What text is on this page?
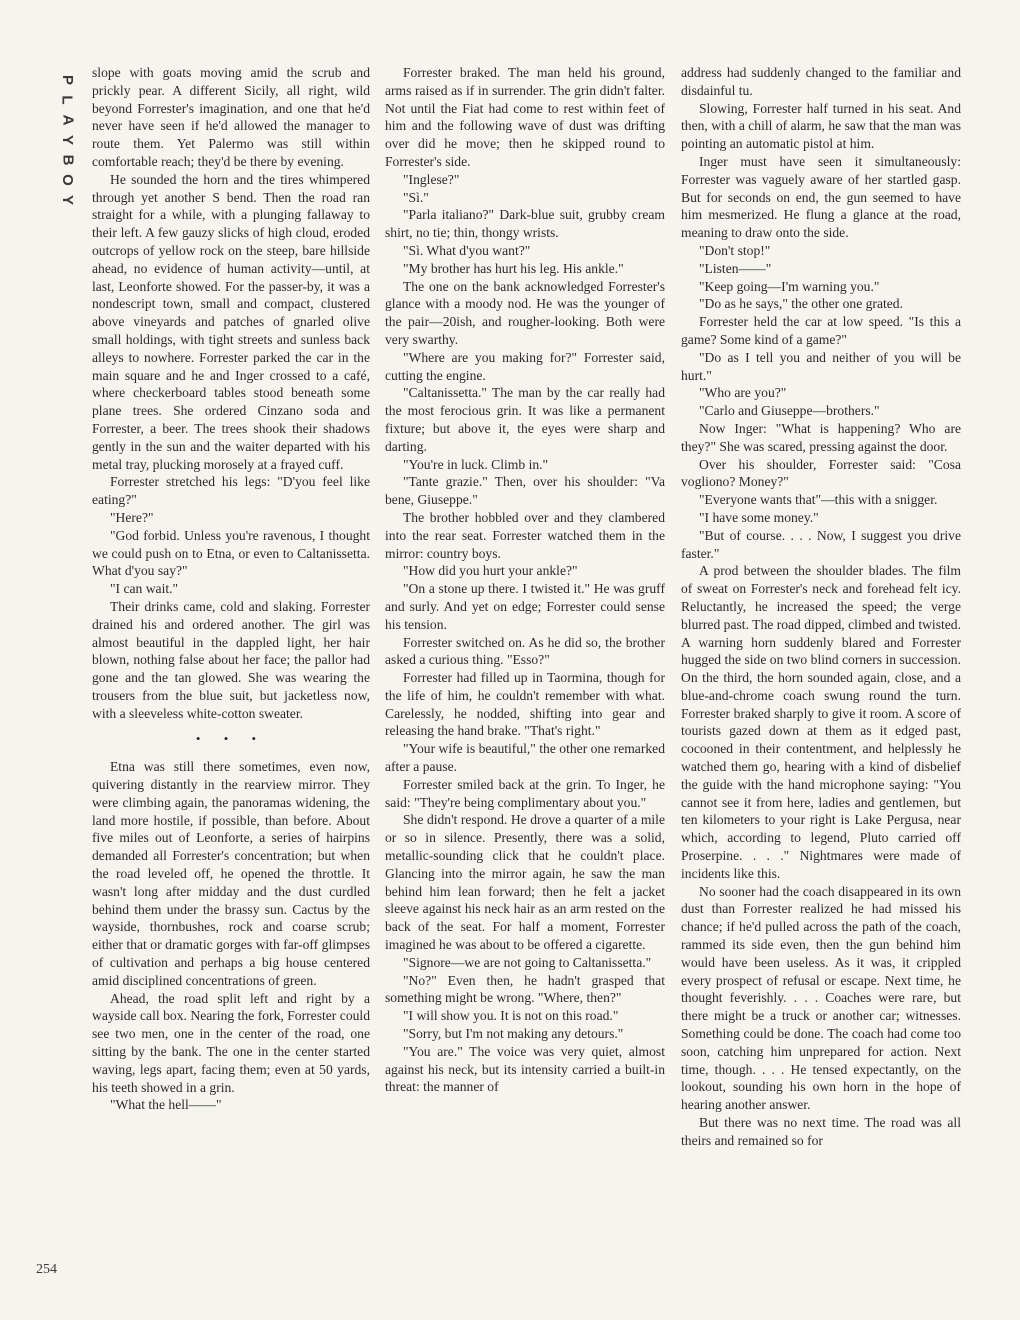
P
L
A
Y
B
O
Y

slope with goats moving amid the scrub and prickly pear. A different Sicily, all right, wild beyond Forrester's imagination, and one that he'd never have seen if he'd allowed the manager to route them. Yet Palermo was still within comfortable reach; they'd be there by evening.

He sounded the horn and the tires whimpered through yet another S bend. Then the road ran straight for a while, with a plunging fallaway to their left. A few gauzy slicks of high cloud, eroded outcrops of yellow rock on the steep, bare hillside ahead, no evidence of human activity—until, at last, Leonforte showed. For the passer-by, it was a nondescript town, small and compact, clustered above vineyards and patches of gnarled olive small holdings, with tight streets and sunless back alleys to nowhere. Forrester parked the car in the main square and he and Inger crossed to a café, where checkerboard tables stood beneath some plane trees. She ordered Cinzano soda and Forrester, a beer. The trees shook their shadows gently in the sun and the waiter departed with his metal tray, plucking morosely at a frayed cuff.

Forrester stretched his legs: "D'you feel like eating?"

"Here?"

"God forbid. Unless you're ravenous, I thought we could push on to Etna, or even to Caltanissetta. What d'you say?"

"I can wait."

Their drinks came, cold and slaking. Forrester drained his and ordered another. The girl was almost beautiful in the dappled light, her hair blown, nothing false about her face; the pallor had gone and the tan glowed. She was wearing the trousers from the blue suit, but jacketless now, with a sleeveless white-cotton sweater.

• • •

Etna was still there sometimes, even now, quivering distantly in the rearview mirror. They were climbing again, the panoramas widening, the land more hostile, if possible, than before. About five miles out of Leonforte, a series of hairpins demanded all Forrester's concentration; but when the road leveled off, he opened the throttle. It wasn't long after midday and the dust curdled behind them under the brassy sun. Cactus by the wayside, thornbushes, rock and coarse scrub; either that or dramatic gorges with far-off glimpses of cultivation and perhaps a big house centered amid disciplined concentrations of green.

Ahead, the road split left and right by a wayside call box. Nearing the fork, Forrester could see two men, one in the center of the road, one sitting by the bank. The one in the center started waving, legs apart, facing them; even at 50 yards, his teeth showed in a grin.

"What the hell——"

Forrester braked. The man held his ground, arms raised as if in surrender. The grin didn't falter. Not until the Fiat had come to rest within feet of him and the following wave of dust was drifting over did he move; then he skipped round to Forrester's side.

"Inglese?"

"Sì."

"Parla italiano?" Dark-blue suit, grubby cream shirt, no tie; thin, thongy wrists.

"Sì. What d'you want?"

"My brother has hurt his leg. His ankle."

The one on the bank acknowledged Forrester's glance with a moody nod. He was the younger of the pair—20ish, and rougher-looking. Both were very swarthy.

"Where are you making for?" Forrester said, cutting the engine.

"Caltanissetta." The man by the car really had the most ferocious grin. It was like a permanent fixture; but above it, the eyes were sharp and darting.

"You're in luck. Climb in."

"Tante grazie." Then, over his shoulder: "Va bene, Giuseppe."

The brother hobbled over and they clambered into the rear seat. Forrester watched them in the mirror: country boys.

"How did you hurt your ankle?"

"On a stone up there. I twisted it." He was gruff and surly. And yet on edge; Forrester could sense his tension.

Forrester switched on. As he did so, the brother asked a curious thing. "Esso?"

Forrester had filled up in Taormina, though for the life of him, he couldn't remember with what. Carelessly, he nodded, shifting into gear and releasing the hand brake. "That's right."

"Your wife is beautiful," the other one remarked after a pause.

Forrester smiled back at the grin. To Inger, he said: "They're being complimentary about you."

She didn't respond. He drove a quarter of a mile or so in silence. Presently, there was a solid, metallic-sounding click that he couldn't place. Glancing into the mirror again, he saw the man behind him lean forward; then he felt a jacket sleeve against his neck hair as an arm rested on the back of the seat. For half a moment, Forrester imagined he was about to be offered a cigarette.

"Signore—we are not going to Caltanissetta."

"No?" Even then, he hadn't grasped that something might be wrong. "Where, then?"

"I will show you. It is not on this road."

"Sorry, but I'm not making any detours."

"You are." The voice was very quiet, almost against his neck, but its intensity carried a built-in threat: the manner of

address had suddenly changed to the familiar and disdainful tu.

Slowing, Forrester half turned in his seat. And then, with a chill of alarm, he saw that the man was pointing an automatic pistol at him.

Inger must have seen it simultaneously: Forrester was vaguely aware of her startled gasp. But for seconds on end, the gun seemed to have him mesmerized. He flung a glance at the road, meaning to draw onto the side.

"Don't stop!"

"Listen——"

"Keep going—I'm warning you."

"Do as he says," the other one grated.

Forrester held the car at low speed. "Is this a game? Some kind of a game?"

"Do as I tell you and neither of you will be hurt."

"Who are you?"

"Carlo and Giuseppe—brothers."

Now Inger: "What is happening? Who are they?" She was scared, pressing against the door.

Over his shoulder, Forrester said: "Cosa vogliono? Money?"

"Everyone wants that"—this with a snigger.

"I have some money."

"But of course. . . . Now, I suggest you drive faster."

A prod between the shoulder blades. The film of sweat on Forrester's neck and forehead felt icy. Reluctantly, he increased the speed; the verge blurred past. The road dipped, climbed and twisted. A warning horn suddenly blared and Forrester hugged the side on two blind corners in succession. On the third, the horn sounded again, close, and a blue-and-chrome coach swung round the turn. Forrester braked sharply to give it room. A score of tourists gazed down at them as it edged past, cocooned in their contentment, and helplessly he watched them go, hearing with a kind of disbelief the guide with the hand microphone saying: "You cannot see it from here, ladies and gentlemen, but ten kilometers to your right is Lake Pergusa, near which, according to legend, Pluto carried off Proserpine. . . ." Nightmares were made of incidents like this.

No sooner had the coach disappeared in its own dust than Forrester realized he had missed his chance; if he'd pulled across the path of the coach, rammed its side even, then the gun behind him would have been useless. As it was, it crippled every prospect of refusal or escape. Next time, he thought feverishly. . . . Coaches were rare, but there might be a truck or another car; witnesses. Something could be done. The coach had come too soon, catching him unprepared for action. Next time, though. . . . He tensed expectantly, on the lookout, sounding his own horn in the hope of hearing another answer.

But there was no next time. The road was all theirs and remained so for

254
